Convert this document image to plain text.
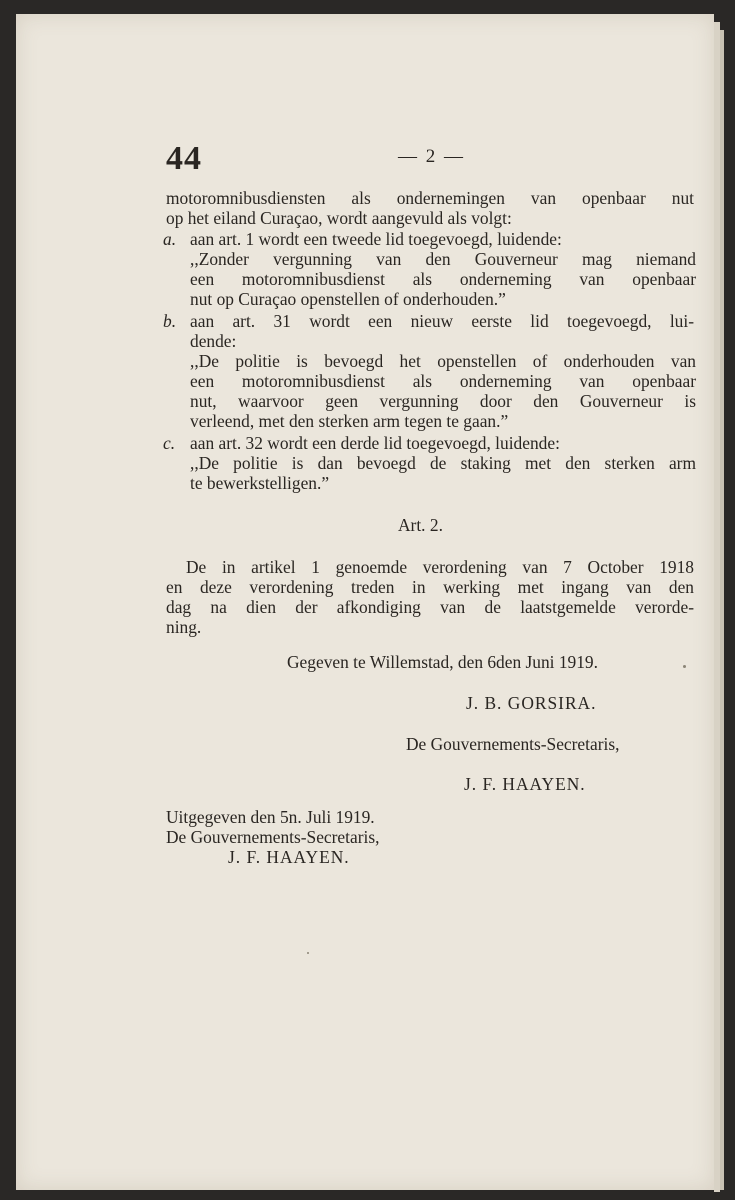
44	— 2 —
motoromnibusdiensten als ondernemingen van openbaar nut
op het eiland Curaçao, wordt aangevuld als volgt:
a. aan art. 1 wordt een tweede lid toegevoegd, luidende:
,,Zonder vergunning van den Gouverneur mag niemand
een motoromnibusdienst als onderneming van openbaar
nut op Curaçao openstellen of onderhouden.”
b. aan art. 31 wordt een nieuw eerste lid toegevoegd, lui-
dende:
,,De politie is bevoegd het openstellen of onderhouden van
een motoromnibusdienst als onderneming van openbaar
nut, waarvoor geen vergunning door den Gouverneur is
verleend, met den sterken arm tegen te gaan.”
c. aan art. 32 wordt een derde lid toegevoegd, luidende:
,,De politie is dan bevoegd de staking met den sterken arm
te bewerkstelligen.”
Art. 2.
De in artikel 1 genoemde verordening van 7 October 1918
en deze verordening treden in werking met ingang van den
dag na dien der afkondiging van de laatstgemelde verorde-
ning.
Gegeven te Willemstad, den 6den Juni 1919.
J. B. GORSIRA.
De Gouvernements-Secretaris,
J. F. HAAYEN.
Uitgegeven den 5n. Juli 1919.
De Gouvernements-Secretaris,
J. F. HAAYEN.
